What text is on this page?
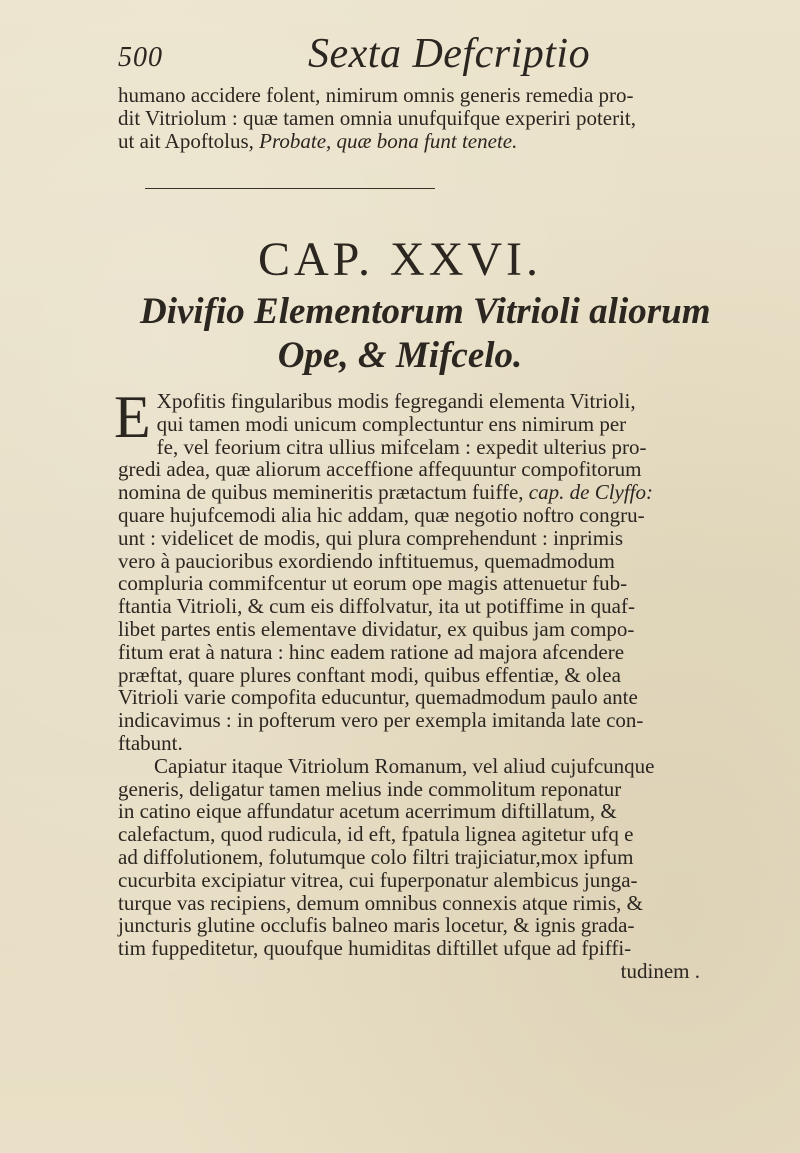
500	Sexta Defcriptio
humano accidere folent, nimirum omnis generis remedia pro-
dit Vitriolum : quæ tamen omnia unufquifque experiri poterit,
ut ait Apoftolus, Probate, quæ bona funt tenete.
CAP. XXVI.
Divifio Elementorum Vitrioli aliorum
Ope, & Mifcelo.
E Xpofitis fingularibus modis fegregandi elementa Vitrioli,
qui tamen modi unicum complectuntur ens nimirum per
fe, vel feorium citra ullius mifcelam : expedit ulterius pro-
gredi adea, quæ aliorum acceffione affequuntur compofitorum
nomina de quibus memineritis prætactum fuiffe, cap. de Clyffo:
quare hujufcemodi alia hic addam, quæ negotio noftro congru-
unt : videlicet de modis, qui plura comprehendunt : inprimis
vero à paucioribus exordiendo inftituemus, quemadmodum
compluria commifcentur ut eorum ope magis attenuetur fub-
ftantia Vitrioli, & cum eis diffolvatur, ita ut potiffime in quaf-
libet partes entis elementave dividatur, ex quibus jam compo-
fitum erat à natura : hinc eadem ratione ad majora afcendere
præftat, quare plures conftant modi, quibus effentiæ, & olea
Vitrioli varie compofita educuntur, quemadmodum paulo ante
indicavimus : in pofterum vero per exempla imitanda late con-
ftabunt.
Capiatur itaque Vitriolum Romanum, vel aliud cujufcunque
generis, deligatur tamen melius inde commolitum reponatur
in catino eique affundatur acetum acerrimum diftillatum, &
calefactum, quod rudicula, id eft, fpatula lignea agitetur ufq e
ad diffolutionem, folutumque colo filtri trajiciatur,mox ipfum
cucurbita excipiatur vitrea, cui fuperponatur alembicus junga-
turque vas recipiens, demum omnibus connexis atque rimis, &
juncturis glutine occlufis balneo maris locetur, & ignis grada-
tim fuppeditetur, quoufque humiditas diftillet ufque ad fpiffi-
tudinem .
